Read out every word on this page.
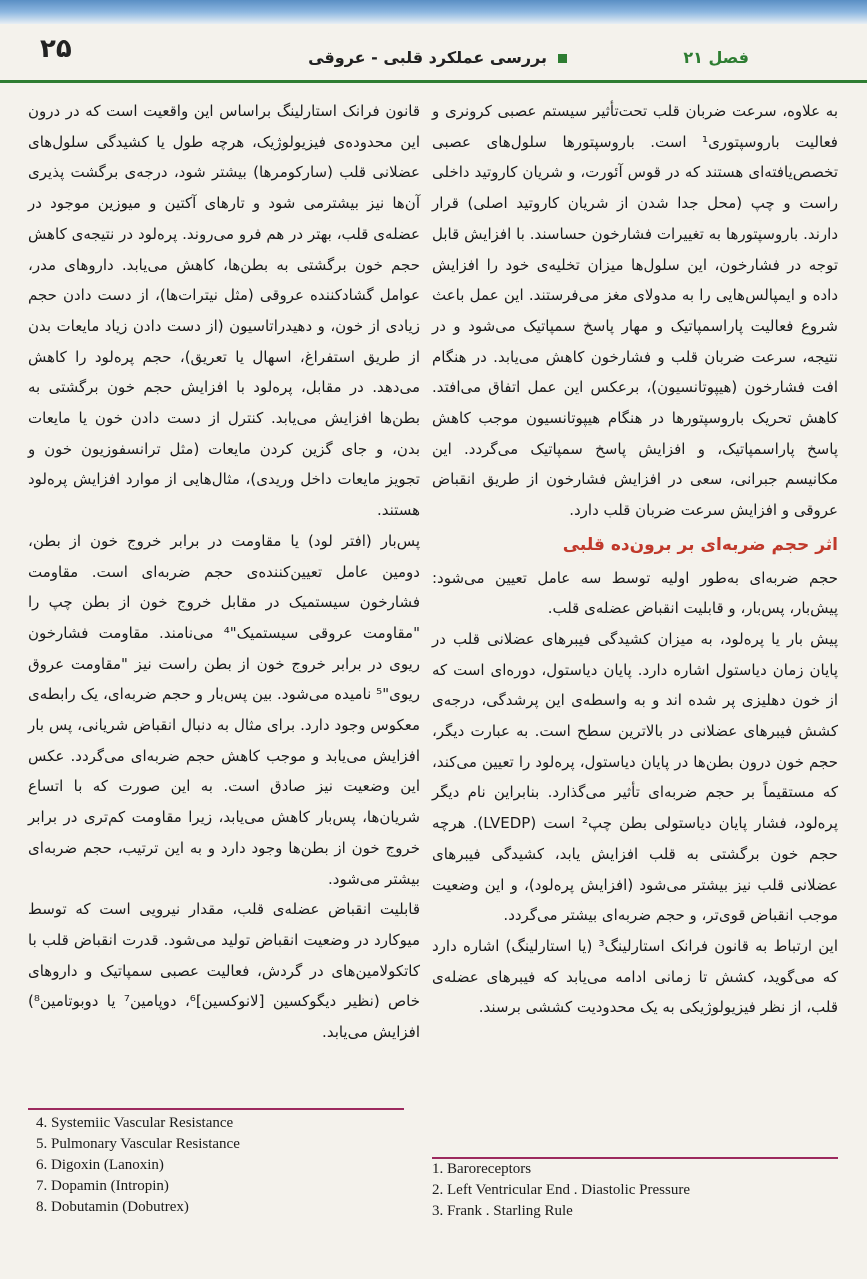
۲۵	فصل ۲۱
بررسی عملکرد قلبی - عروقی

به علاوه، سرعت ضربان قلب تحت‌تأثیر سیستم عصبی کرونری و فعالیت باروسپتوری¹ است. باروسپتورها سلول‌های عصبی تخصص‌یافته‌ای هستند که در قوس آئورت، و شریان کاروتید داخلی راست و چپ (محل جدا شدن از شریان کاروتید اصلی) قرار دارند. باروسپتورها به تغییرات فشارخون حساسند. با افزایش قابل توجه در فشارخون، این سلول‌ها میزان تخلیه‌ی خود را افزایش داده و ایمپالس‌هایی را به مدولای مغز می‌فرستند. این عمل باعث شروع فعالیت پاراسمپاتیک و مهار پاسخ سمپاتیک می‌شود و در نتیجه، سرعت ضربان قلب و فشارخون کاهش می‌یابد. در هنگام افت فشارخون (هیپوتانسیون)، برعکس این عمل اتفاق می‌افتد. کاهش تحریک باروسپتورها در هنگام هیپوتانسیون موجب کاهش پاسخ پاراسمپاتیک، و افزایش پاسخ سمپاتیک می‌گردد. این مکانیسم جبرانی، سعی در افزایش فشارخون از طریق انقباض عروقی و افزایش سرعت ضربان قلب دارد.

اثر حجم ضربه‌ای بر برون‌ده قلبی

حجم ضربه‌ای به‌طور اولیه توسط سه عامل تعیین می‌شود: پیش‌بار، پس‌بار، و قابلیت انقباض عضله‌ی قلب.

پیش بار یا پرەلود، به میزان کشیدگی فیبرهای عضلانی قلب در پایان زمان دیاستول اشاره دارد. پایان دیاستول، دوره‌ای است که از خون دهلیزی پر شده اند و به واسطه‌ی این پرشدگی، درجه‌ی کشش فیبرهای عضلانی در بالاترین سطح است. به عبارت دیگر، حجم خون درون بطن‌ها در پایان دیاستول، پرەلود را تعیین می‌کند، که مستقیماً بر حجم ضربه‌ای تأثیر می‌گذارد. بنابراین نام دیگر پرەلود، فشار پایان دیاستولی بطن چپ² است (LVEDP). هرچه حجم خون برگشتی به قلب افزایش یابد، کشیدگی فیبرهای عضلانی قلب نیز بیشتر می‌شود (افزایش پرەلود)، و این وضعیت موجب انقباض قوی‌تر، و حجم ضربه‌ای بیشتر می‌گردد.

این ارتباط به قانون فرانک استارلینگ³ (یا استارلینگ) اشاره دارد که می‌گوید، کشش تا زمانی ادامه می‌یابد که فیبرهای عضله‌ی قلب، از نظر فیزیولوژیکی به یک محدودیت کششی برسند.

قانون فرانک استارلینگ براساس این واقعیت است که در درون این محدوده‌ی فیزیولوژیک، هرچه طول یا کشیدگی سلول‌های عضلانی قلب (سارکومرها) بیشتر شود، درجه‌ی برگشت پذیری آن‌ها نیز بیشترمی شود و تارهای آکتین و میوزین موجود در عضله‌ی قلب، بهتر در هم فرو می‌روند. پرەلود در نتیجه‌ی کاهش حجم خون برگشتی به بطن‌ها، کاهش می‌یابد. داروهای مدر، عوامل گشادکننده عروقی (مثل نیترات‌ها)، از دست دادن حجم زیادی از خون، و دهیدراتاسیون (از دست دادن زیاد مایعات بدن از طریق استفراغ، اسهال یا تعریق)، حجم پرەلود را کاهش می‌دهد. در مقابل، پرەلود با افزایش حجم خون برگشتی به بطن‌ها افزایش می‌یابد. کنترل از دست دادن خون یا مایعات بدن، و جای گزین کردن مایعات (مثل ترانسفوزیون خون و تجویز مایعات داخل وریدی)، مثال‌هایی از موارد افزایش پرەلود هستند.

پس‌بار (افتر لود) یا مقاومت در برابر خروج خون از بطن، دومین عامل تعیین‌کننده‌ی حجم ضربه‌ای است. مقاومت فشارخون سیستمیک در مقابل خروج خون از بطن چپ را "مقاومت عروقی سیستمیک"⁴ می‌نامند. مقاومت فشارخون ریوی در برابر خروج خون از بطن راست نیز "مقاومت عروق ریوی"⁵ نامیده می‌شود. بین پس‌بار و حجم ضربه‌ای، یک رابطه‌ی معکوس وجود دارد. برای مثال به دنبال انقباض شریانی، پس بار افزایش می‌یابد و موجب کاهش حجم ضربه‌ای می‌گردد. عکس این وضعیت نیز صادق است. به این صورت که با اتساع شریان‌ها، پس‌بار کاهش می‌یابد، زیرا مقاومت کم‌تری در برابر خروج خون از بطن‌ها وجود دارد و به این ترتیب، حجم ضربه‌ای بیشتر می‌شود.

قابلیت انقباض عضله‌ی قلب، مقدار نیرویی است که توسط میوکارد در وضعیت انقباض تولید می‌شود. قدرت انقباض قلب با کاتکولامین‌های در گردش، فعالیت عصبی سمپاتیک و داروهای خاص (نظیر دیگوکسین [لانوکسین]⁶، دوپامین⁷ یا دوبوتامین⁸) افزایش می‌یابد.

1. Baroreceptors
2. Left Ventricular End . Diastolic Pressure
3. Frank . Starling Rule
4. Systemiic Vascular Resistance
5. Pulmonary Vascular Resistance
6. Digoxin (Lanoxin)
7. Dopamin (Intropin)
8. Dobutamin (Dobutrex)
